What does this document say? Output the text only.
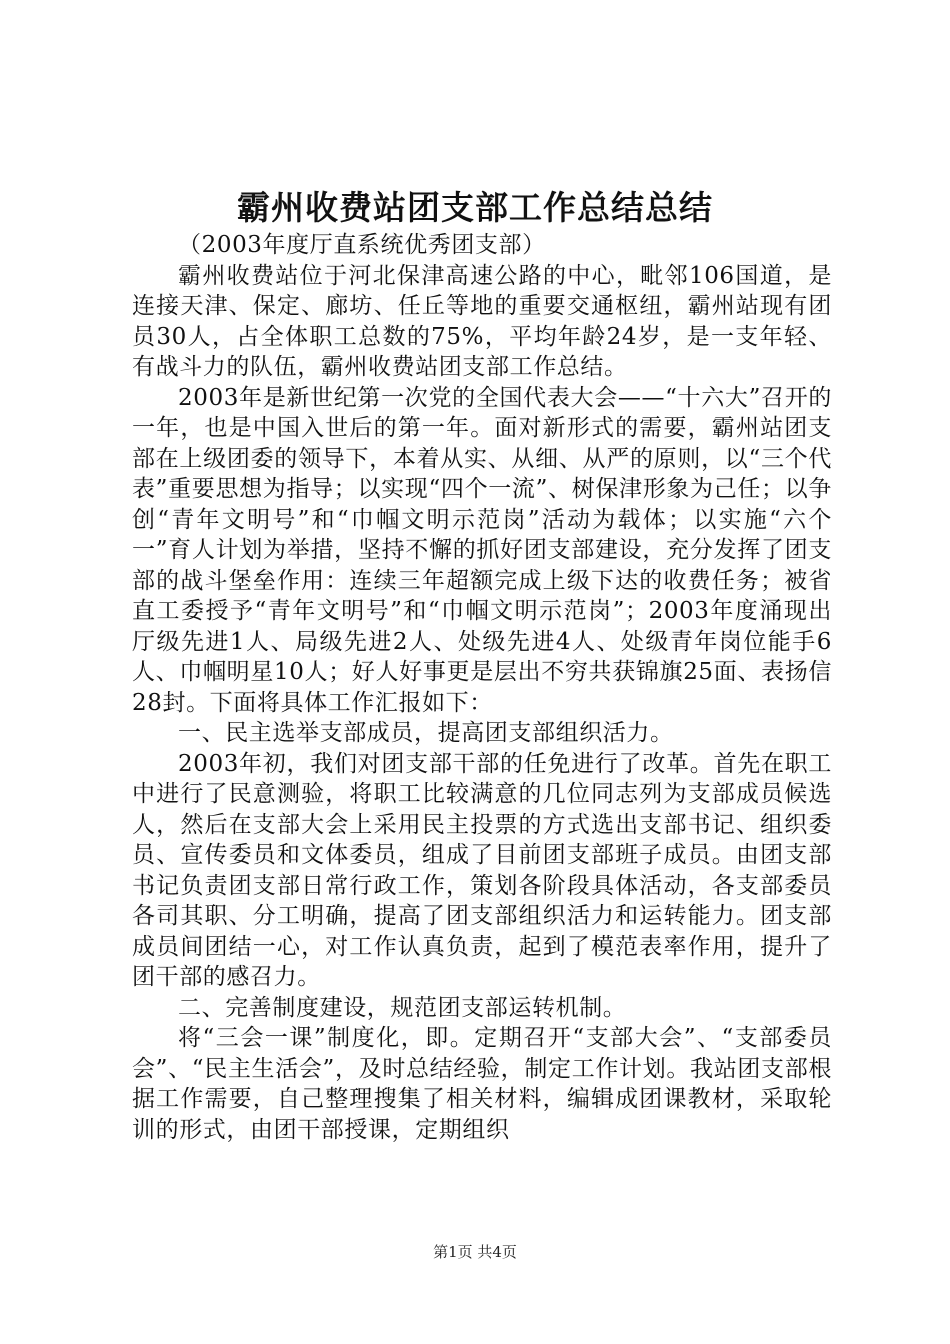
霸州收费站团支部工作总结总结

（2003年度厅直系统优秀团支部）

霸州收费站位于河北保津高速公路的中心，毗邻106国道，是连接天津、保定、廊坊、任丘等地的重要交通枢纽，霸州站现有团员30人，占全体职工总数的75%，平均年龄24岁，是一支年轻、有战斗力的队伍，霸州收费站团支部工作总结。

2003年是新世纪第一次党的全国代表大会——“十六大”召开的一年，也是中国入世后的第一年。面对新形式的需要，霸州站团支部在上级团委的领导下，本着从实、从细、从严的原则，以“三个代表”重要思想为指导；以实现“四个一流”、树保津形象为己任；以争创“青年文明号”和“巾帼文明示范岗”活动为载体；以实施“六个一”育人计划为举措，坚持不懈的抓好团支部建设，充分发挥了团支部的战斗堡垒作用：连续三年超额完成上级下达的收费任务；被省直工委授予“青年文明号”和“巾帼文明示范岗”；2003年度涌现出厅级先进1人、局级先进2人、处级先进4人、处级青年岗位能手6人、巾帼明星10人；好人好事更是层出不穷共获锦旗25面、表扬信28封。下面将具体工作汇报如下：

一、民主选举支部成员，提高团支部组织活力。

2003年初，我们对团支部干部的任免进行了改革。首先在职工中进行了民意测验，将职工比较满意的几位同志列为支部成员候选人，然后在支部大会上采用民主投票的方式选出支部书记、组织委员、宣传委员和文体委员，组成了目前团支部班子成员。由团支部书记负责团支部日常行政工作，策划各阶段具体活动，各支部委员各司其职、分工明确，提高了团支部组织活力和运转能力。团支部成员间团结一心，对工作认真负责，起到了模范表率作用，提升了团干部的感召力。

二、完善制度建设，规范团支部运转机制。

将“三会一课”制度化，即。定期召开“支部大会”、“支部委员会”、“民主生活会”，及时总结经验，制定工作计划。我站团支部根据工作需要，自己整理搜集了相关材料，编辑成团课教材，采取轮训的形式，由团干部授课，定期组织

第1页 共4页
